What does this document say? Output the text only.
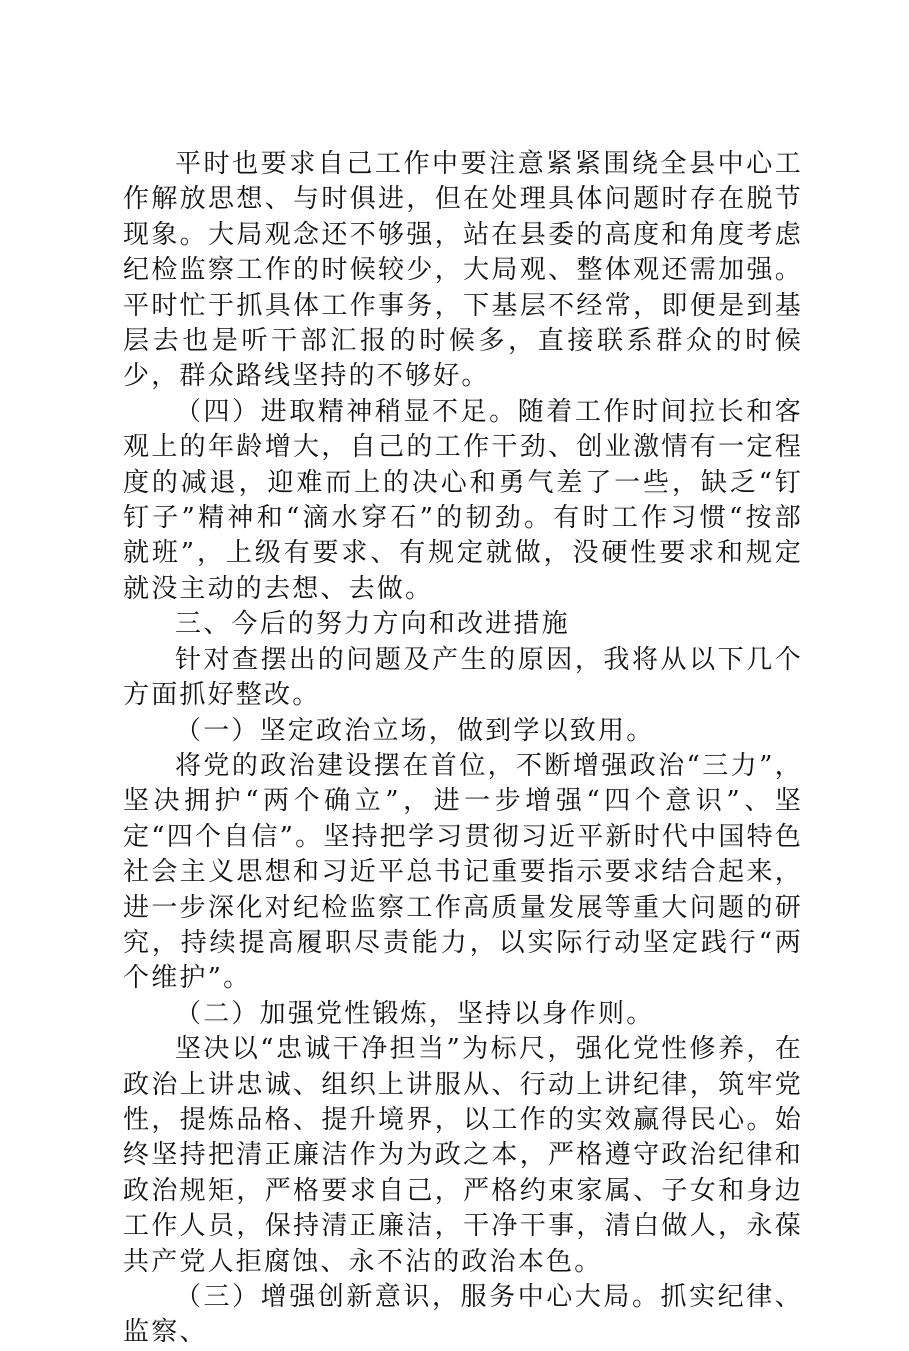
平时也要求自己工作中要注意紧紧围绕全县中心工作解放思想、与时俱进，但在处理具体问题时存在脱节现象。大局观念还不够强，站在县委的高度和角度考虑纪检监察工作的时候较少，大局观、整体观还需加强。平时忙于抓具体工作事务，下基层不经常，即便是到基层去也是听干部汇报的时候多，直接联系群众的时候少，群众路线坚持的不够好。

（四）进取精神稍显不足。随着工作时间拉长和客观上的年龄增大，自己的工作干劲、创业激情有一定程度的减退，迎难而上的决心和勇气差了一些，缺乏“钉钉子”精神和“滴水穿石”的韧劲。有时工作习惯“按部就班”，上级有要求、有规定就做，没硬性要求和规定就没主动的去想、去做。

三、今后的努力方向和改进措施

针对查摆出的问题及产生的原因，我将从以下几个方面抓好整改。

（一）坚定政治立场，做到学以致用。

将党的政治建设摆在首位，不断增强政治“三力”，坚决拥护“两个确立”，进一步增强“四个意识”、坚定“四个自信”。坚持把学习贯彻习近平新时代中国特色社会主义思想和习近平总书记重要指示要求结合起来，进一步深化对纪检监察工作高质量发展等重大问题的研究，持续提高履职尽责能力，以实际行动坚定践行“两个维护”。

（二）加强党性锻炼，坚持以身作则。

坚决以“忠诚干净担当”为标尺，强化党性修养，在政治上讲忠诚、组织上讲服从、行动上讲纪律，筑牢党性，提炼品格、提升境界，以工作的实效赢得民心。始终坚持把清正廉洁作为为政之本，严格遵守政治纪律和政治规矩，严格要求自己，严格约束家属、子女和身边工作人员，保持清正廉洁，干净干事，清白做人，永葆共产党人拒腐蚀、永不沾的政治本色。

（三）增强创新意识，服务中心大局。抓实纪律、监察、
